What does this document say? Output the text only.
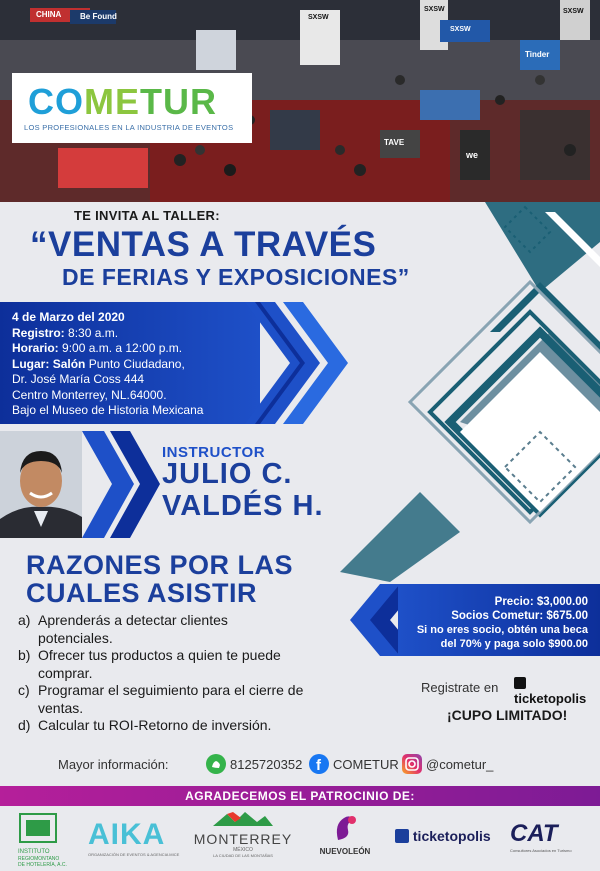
CHINA Be Found	SXSW
SXSW	SXSW
SXSW
Tinder
TAVE
we
COMETUR
LOS PROFESIONALES EN LA INDUSTRIA DE EVENTOS
TE INVITA AL TALLER:
“VENTAS A TRAVÉS
DE FERIAS Y EXPOSICIONES”
4 de Marzo del 2020
Registro: 8:30 a.m.
Horario: 9:00 a.m. a 12:00 p.m.
Lugar: Salón Punto Ciudadano,
Dr. José María Coss 444
Centro Monterrey, NL.64000.
Bajo el Museo de Historia Mexicana
INSTRUCTOR
JULIO C.
VALDÉS H.
RAZONES POR LAS
CUALES ASISTIR
a) Aprenderás a detectar clientes
potenciales.
b) Ofrecer tus productos a quien te puede
comprar.
c) Programar el seguimiento para el cierre de
ventas.
d) Calcular tu ROI-Retorno de inversión.
Precio: $3,000.00
Socios Cometur: $675.00
Si no eres socio, obtén una beca
del 70% y paga solo $900.00
Registrate en
ticketopolis
¡CUPO LIMITADO!
Mayor información:	8125720352 f COMETUR @cometur_
AGRADECEMOS EL PATROCINIO DE:
INSTITUTO
REGIOMONTANO
DE HOTELERÍA, A.C.
AIKA
ORGANIZACIÓN DE EVENTOS & AGENCIA MICE
MONTERREY
MÉXICO
LA CIUDAD DE LAS MONTAÑAS	NUEVOLEÓN
ticketopolis CAT
Consultores Asociados en Turismo
